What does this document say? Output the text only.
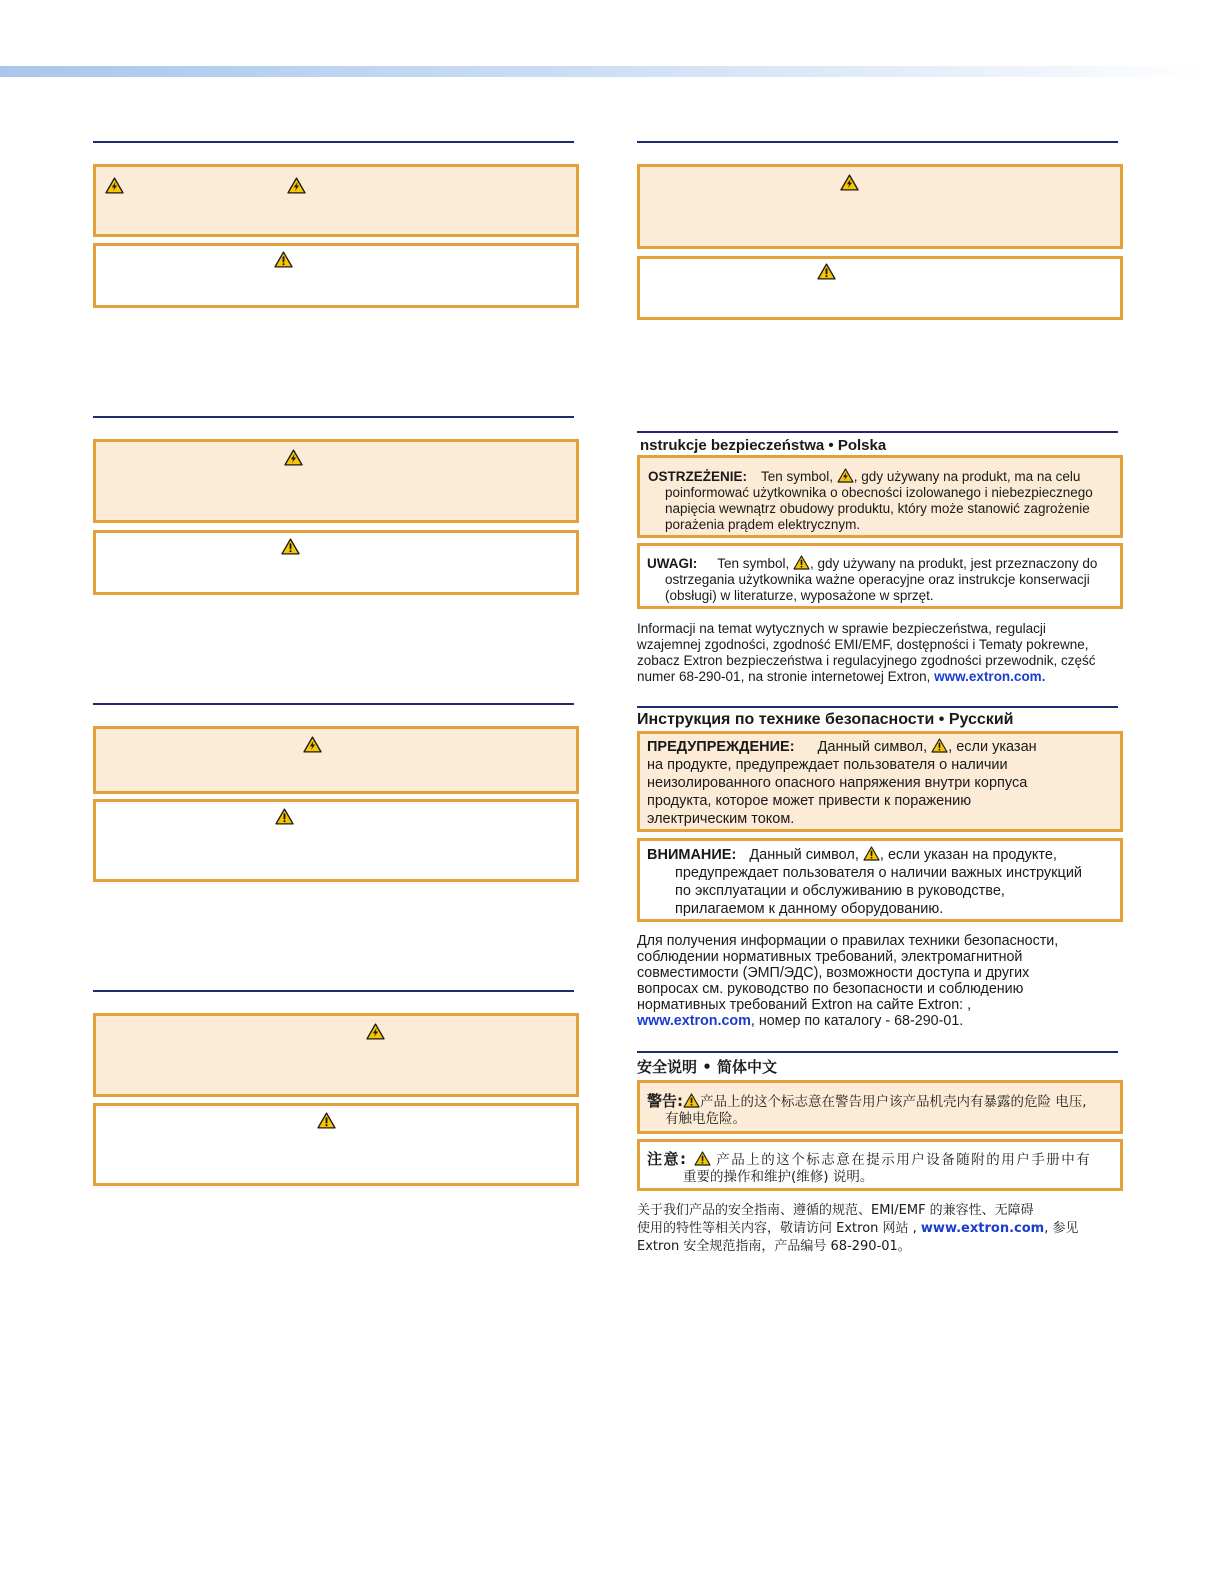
nstrukcje bezpieczeństwa • Polska
OSTRZEŻENIE: Ten symbol, , gdy używany na produkt, ma na celu
poinformować użytkownika o obecności izolowanego i niebezpiecznego
napięcia wewnątrz obudowy produktu, który może stanowić zagrożenie
porażenia prądem elektrycznym.
UWAGI: Ten symbol, , gdy używany na produkt, jest przeznaczony do
ostrzegania użytkownika ważne operacyjne oraz instrukcje konserwacji
(obsługi) w literaturze, wyposażone w sprzęt.
Informacji na temat wytycznych w sprawie bezpieczeństwa, regulacji
wzajemnej zgodności, zgodność EMI/EMF, dostępności i Tematy pokrewne,
zobacz Extron bezpieczeństwa i regulacyjnego zgodności przewodnik, część
numer 68-290-01, na stronie internetowej Extron, www.extron.com.
Инструкция по технике безопасности • Русский
ПРЕДУПРЕЖДЕНИЕ: Данный символ, , если указан
на продукте, предупреждает пользователя о наличии
неизолированного опасного напряжения внутри корпуса
продукта, которое может привести к поражению
электрическим током.
ВНИМАНИЕ: Данный символ, , если указан на продукте,
предупреждает пользователя о наличии важных инструкций
по эксплуатации и обслуживанию в руководстве,
прилагаемом к данному оборудованию.
Для получения информации о правилах техники безопасности,
соблюдении нормативных требований, электромагнитной
совместимости (ЭМП/ЭДС), возможности доступа и других
вопросах см. руководство по безопасности и соблюдению
нормативных требований Extron на сайте Extron: ,
www.extron.com, номер по каталогу - 68-290-01.
安全说明 • 简体中文
警告: 产品上的这个标志意在警告用户该产品机壳内有暴露的危险 电压,
有触电危险。
注意: 产品上的这个标志意在提示用户设备随附的用户手册中有
重要的操作和维护(维修) 说明。
关于我们产品的安全指南、遵循的规范、EMI/EMF 的兼容性、无障碍
使用的特性等相关内容，敬请访问 Extron 网站 , www.extron.com, 参见
Extron 安全规范指南，产品编号 68-290-01。
